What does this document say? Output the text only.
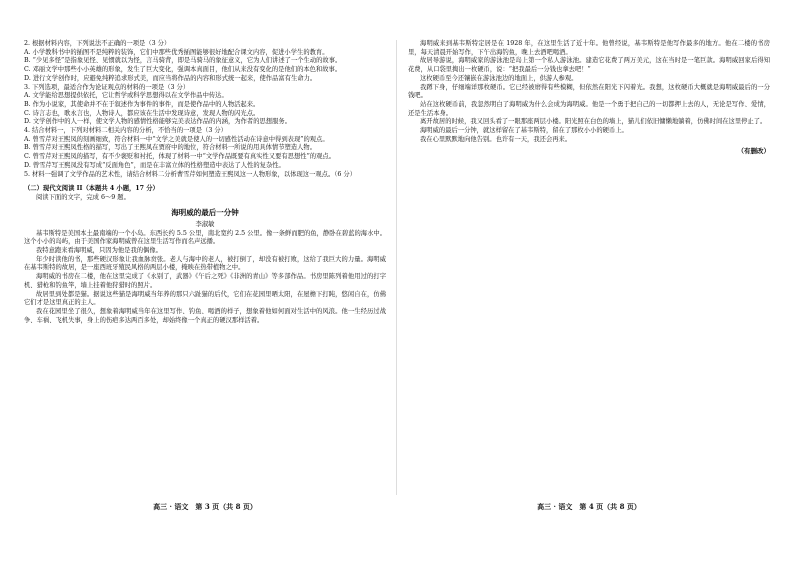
2. 根据材料内容，下列说法不正确的一项是（3 分）

A. 小学教科书中的插图不是纯粹的装饰，它们中那些优秀插图能够很好地配合课文内容，促进小学生的教育。

B. “少见多怪”是指象见怪、见惯就以为怪，言马骑背，即是马骑马的象征意义，它为人们讲述了一个生动的故事。

C. 邓丽文学中那些小小英雄的形象，发生了巨大变化，强调本真面目，他们从来没有变化的是他们的本色和故事。

D. 进行文学创作时，应避免纯粹追求形式美，而应当将作品的内容和形式统一起来，使作品富有生命力。

3. 下列选项，最适合作为论证观点的材料的一项是（3 分）

A. 文学能给思想提供依托，它让哲学或科学思想得以在文学作品中传达。

B. 作为小说家，其使命并不在于叙述作为事件的事件，而是使作品中的人物活起来。

C. 诗言志也，歌永言也，人物诗人，都应该在生活中发现诗意，发现人物的闪光点。

D. 文学创作中的人一样，使文学人物的感情性格能够完美表达作品的内涵，为作者的思想服务。

4. 结合材料一，下列对材料二相关内容的分析，不恰当的一项是（3 分）

A. 曾雪芹对王熙凤的刻画细致，符合材料一中“文学之美就是使人的一切感性活动在诗意中得到表现”的观点。

B. 曾雪芹对王熙凤性格的描写，写出了王熙凤在贾府中的地位，符合材料一所说的用具体情节塑造人物。

C. 曾雪芹对王熙凤的描写，有不少褒贬和衬托，体现了材料一中“文学作品既要有真实性又要有思想性”的观点。

D. 曾雪芹写王熙凤没有写成“反面角色”，而是在丰富立体的性格塑造中表达了人性的复杂性。

5. 材料一强调了文学作品的艺术性，请结合材料二分析曹雪芹如何塑造王熙凤这一人物形象，以体现这一观点。（6 分）

（二）现代文阅读 II（本题共 4 小题，17 分）

阅读下面的文字，完成 6～9 题。

海明威的最后一分钟
李淑敏

基韦斯特是美国本土最南端的一个小岛。东西长约 5.5 公里，南北宽约 2.5 公里。像一条鲜而肥的鱼，静卧在碧蓝的海水中。这个小小的岛屿，由于美国作家海明威曾在这里生活写作而名声远播。

我特意跑来看海明威，只因为他是我的偶像。

年少时读他的书，那些硬汉形象让我血脉贲张。老人与海中的老人，被打倒了，却没有被打败，这给了我巨大的力量。海明威在基韦斯特的故居，是一座西班牙殖民风格的两层小楼，掩映在热带植物之中。

海明威的书房在二楼，他在这里完成了《永别了，武器》《午后之死》《非洲的青山》等多部作品。书房里陈列着他用过的打字机、猎枪和钓鱼竿，墙上挂着他狩猎时的照片。

故居里到处都是猫。据说这些猫是海明威当年养的那只六趾猫的后代，它们在花园里晒太阳，在屋檐下打盹，悠闲自在，仿佛它们才是这里真正的主人。

我在花园里坐了很久，想象着海明威当年在这里写作、钓鱼、喝酒的样子，想象着他如何面对生活中的风浪。他一生经历过战争、车祸、飞机失事，身上的伤疤多达两百多处，却始终像一个真正的硬汉那样活着。

海明威来到基韦斯特定居是在 1928 年，在这里生活了近十年。他曾经说，基韦斯特是他写作最多的地方。他在二楼的书房里，每天清晨开始写作，下午出海钓鱼，晚上去酒吧喝酒。

故居导游说，海明威家的游泳池是岛上第一个私人游泳池。建造它花费了两万美元，这在当时是一笔巨款。海明威回家后得知花费，从口袋里掏出一枚硬币，说：“把我最后一分钱也拿去吧！”

这枚硬币至今还镶嵌在游泳池边的地面上，供游人参观。

我蹲下身，仔细端详那枚硬币。它已经被磨得有些模糊，但依然在阳光下闪着光。我想，这枚硬币大概就是海明威最后的一分钱吧。

站在这枚硬币前，我忽然明白了海明威为什么会成为海明威。他是一个勇于把自己的一切都押上去的人，无论是写作、爱情，还是生活本身。

离开故居的时候，我又回头看了一眼那座两层小楼。阳光照在白色的墙上，猫儿们依旧慵懒地躺着，仿佛时间在这里停止了。

海明威的最后一分钟，就这样留在了基韦斯特，留在了那枚小小的硬币上。

我在心里默默地向他告别。也许有一天，我还会再来。

（有删改）
高三 · 语文　第 3 页（共 8 页）	高三 · 语文　第 4 页（共 8 页）
